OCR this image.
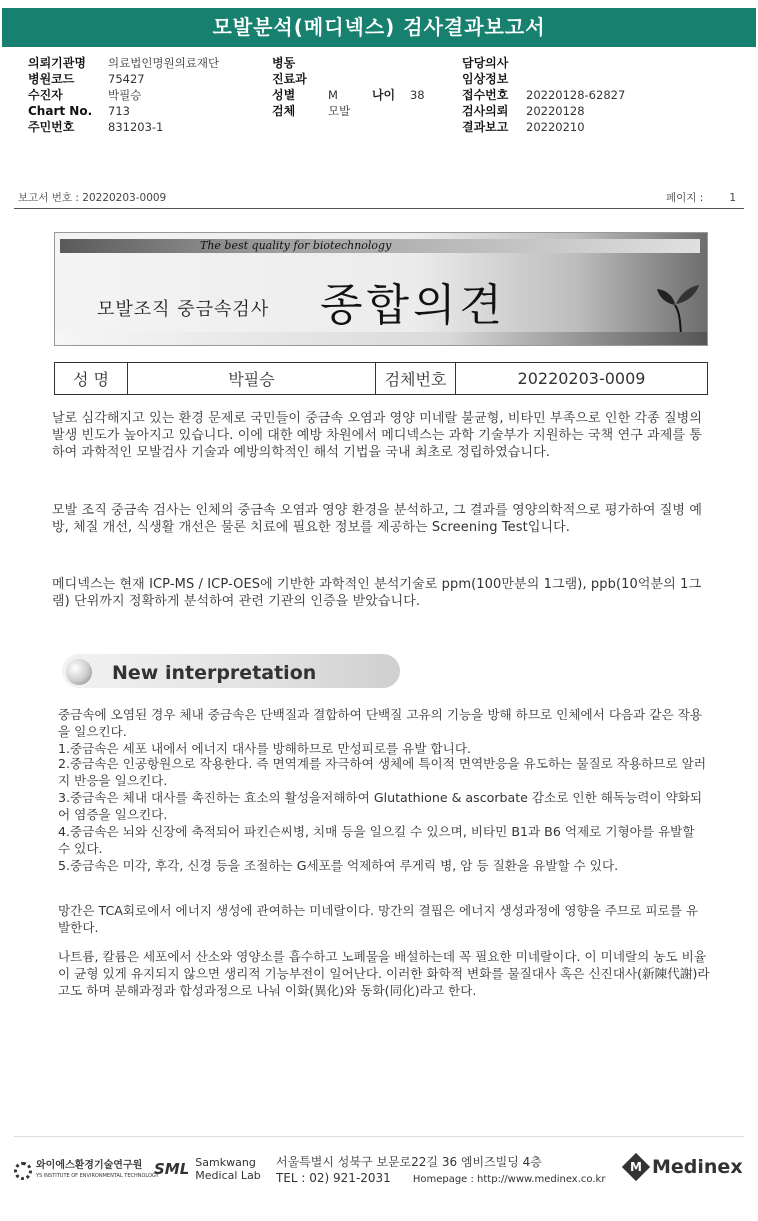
모발분석(메디넥스) 검사결과보고서
의뢰기관명	의료법인명원의료재단
병원코드	75427
수진자	박필승
Chart No.	713
주민번호	831203-1
병동
진료과
성별	M	나이	38
검체	모발
담당의사
임상정보
접수번호	20220128-62827
검사의뢰	20220128
결과보고	20220210
보고서 번호 : 20220203-0009	페이지 : 1
The best quality for biotechnology
모발조직 중금속검사 종합의견
성 명	박필승	검체번호	20220203-0009

날로 심각해지고 있는 환경 문제로 국민들이 중금속 오염과 영양 미네랄 불균형, 비타민 부족으로 인한 각종 질병의 발생 빈도가 높아지고 있습니다. 이에 대한 예방 차원에서 메디넥스는 과학 기술부가 지원하는 국책 연구 과제를 통하여 과학적인 모발검사 기술과 예방의학적인 해석 기법을 국내 최초로 정립하였습니다.

모발 조직 중금속 검사는 인체의 중금속 오염과 영양 환경을 분석하고, 그 결과를 영양의학적으로 평가하여 질병 예방, 체질 개선, 식생활 개선은 물론 치료에 필요한 정보를 제공하는 Screening Test입니다.

메디넥스는 현재 ICP-MS / ICP-OES에 기반한 과학적인 분석기술로 ppm(100만분의 1그램), ppb(10억분의 1그램) 단위까지 정확하게 분석하여 관련 기관의 인증을 받았습니다.

New interpretation

중금속에 오염된 경우 체내 중금속은 단백질과 결합하여 단백질 고유의 기능을 방해 하므로 인체에서 다음과 같은 작용을 일으킨다.

1.중금속은 세포 내에서 에너지 대사를 방해하므로 만성피로를 유발 합니다.

2.중금속은 인공항원으로 작용한다. 즉 면역계를 자극하여 생체에 특이적 면역반응을 유도하는 물질로 작용하므로 알러지 반응을 일으킨다.

3.중금속은 체내 대사를 촉진하는 효소의 활성을저해하여 Glutathione & ascorbate 감소로 인한 해독능력이 약화되어 염증을 일으킨다.

4.중금속은 뇌와 신장에 축적되어 파킨슨씨병, 치매 등을 일으킬 수 있으며, 비타민 B1과 B6 억제로 기형아를 유발할 수 있다.

5.중금속은 미각, 후각, 신경 등을 조절하는 G세포를 억제하여 루게릭 병, 암 등 질환을 유발할 수 있다.

망간은 TCA회로에서 에너지 생성에 관여하는 미네랄이다. 망간의 결핍은 에너지 생성과정에 영향을 주므로 피로를 유발한다.

나트륨, 칼륨은 세포에서 산소와 영양소를 흡수하고 노폐물을 배설하는데 꼭 필요한 미네랄이다. 이 미네랄의 농도 비율이 균형 있게 유지되지 않으면 생리적 기능부전이 일어난다. 이러한 화학적 변화를 물질대사 혹은 신진대사(新陳代謝)라고도 하며 분해과정과 합성과정으로 나눠 이화(異化)와 동화(同化)라고 한다.

와이에스환경기술연구원
YS INSTITUTE OF ENVIRONMENTAL TECHNOLOGY
SML Samkwang
Medical Lab
서울특별시 성북구 보문로22길 36 엠비즈빌딩 4층
TEL : 02) 921-2031 Homepage : http://www.medinex.co.kr
M Medinex
